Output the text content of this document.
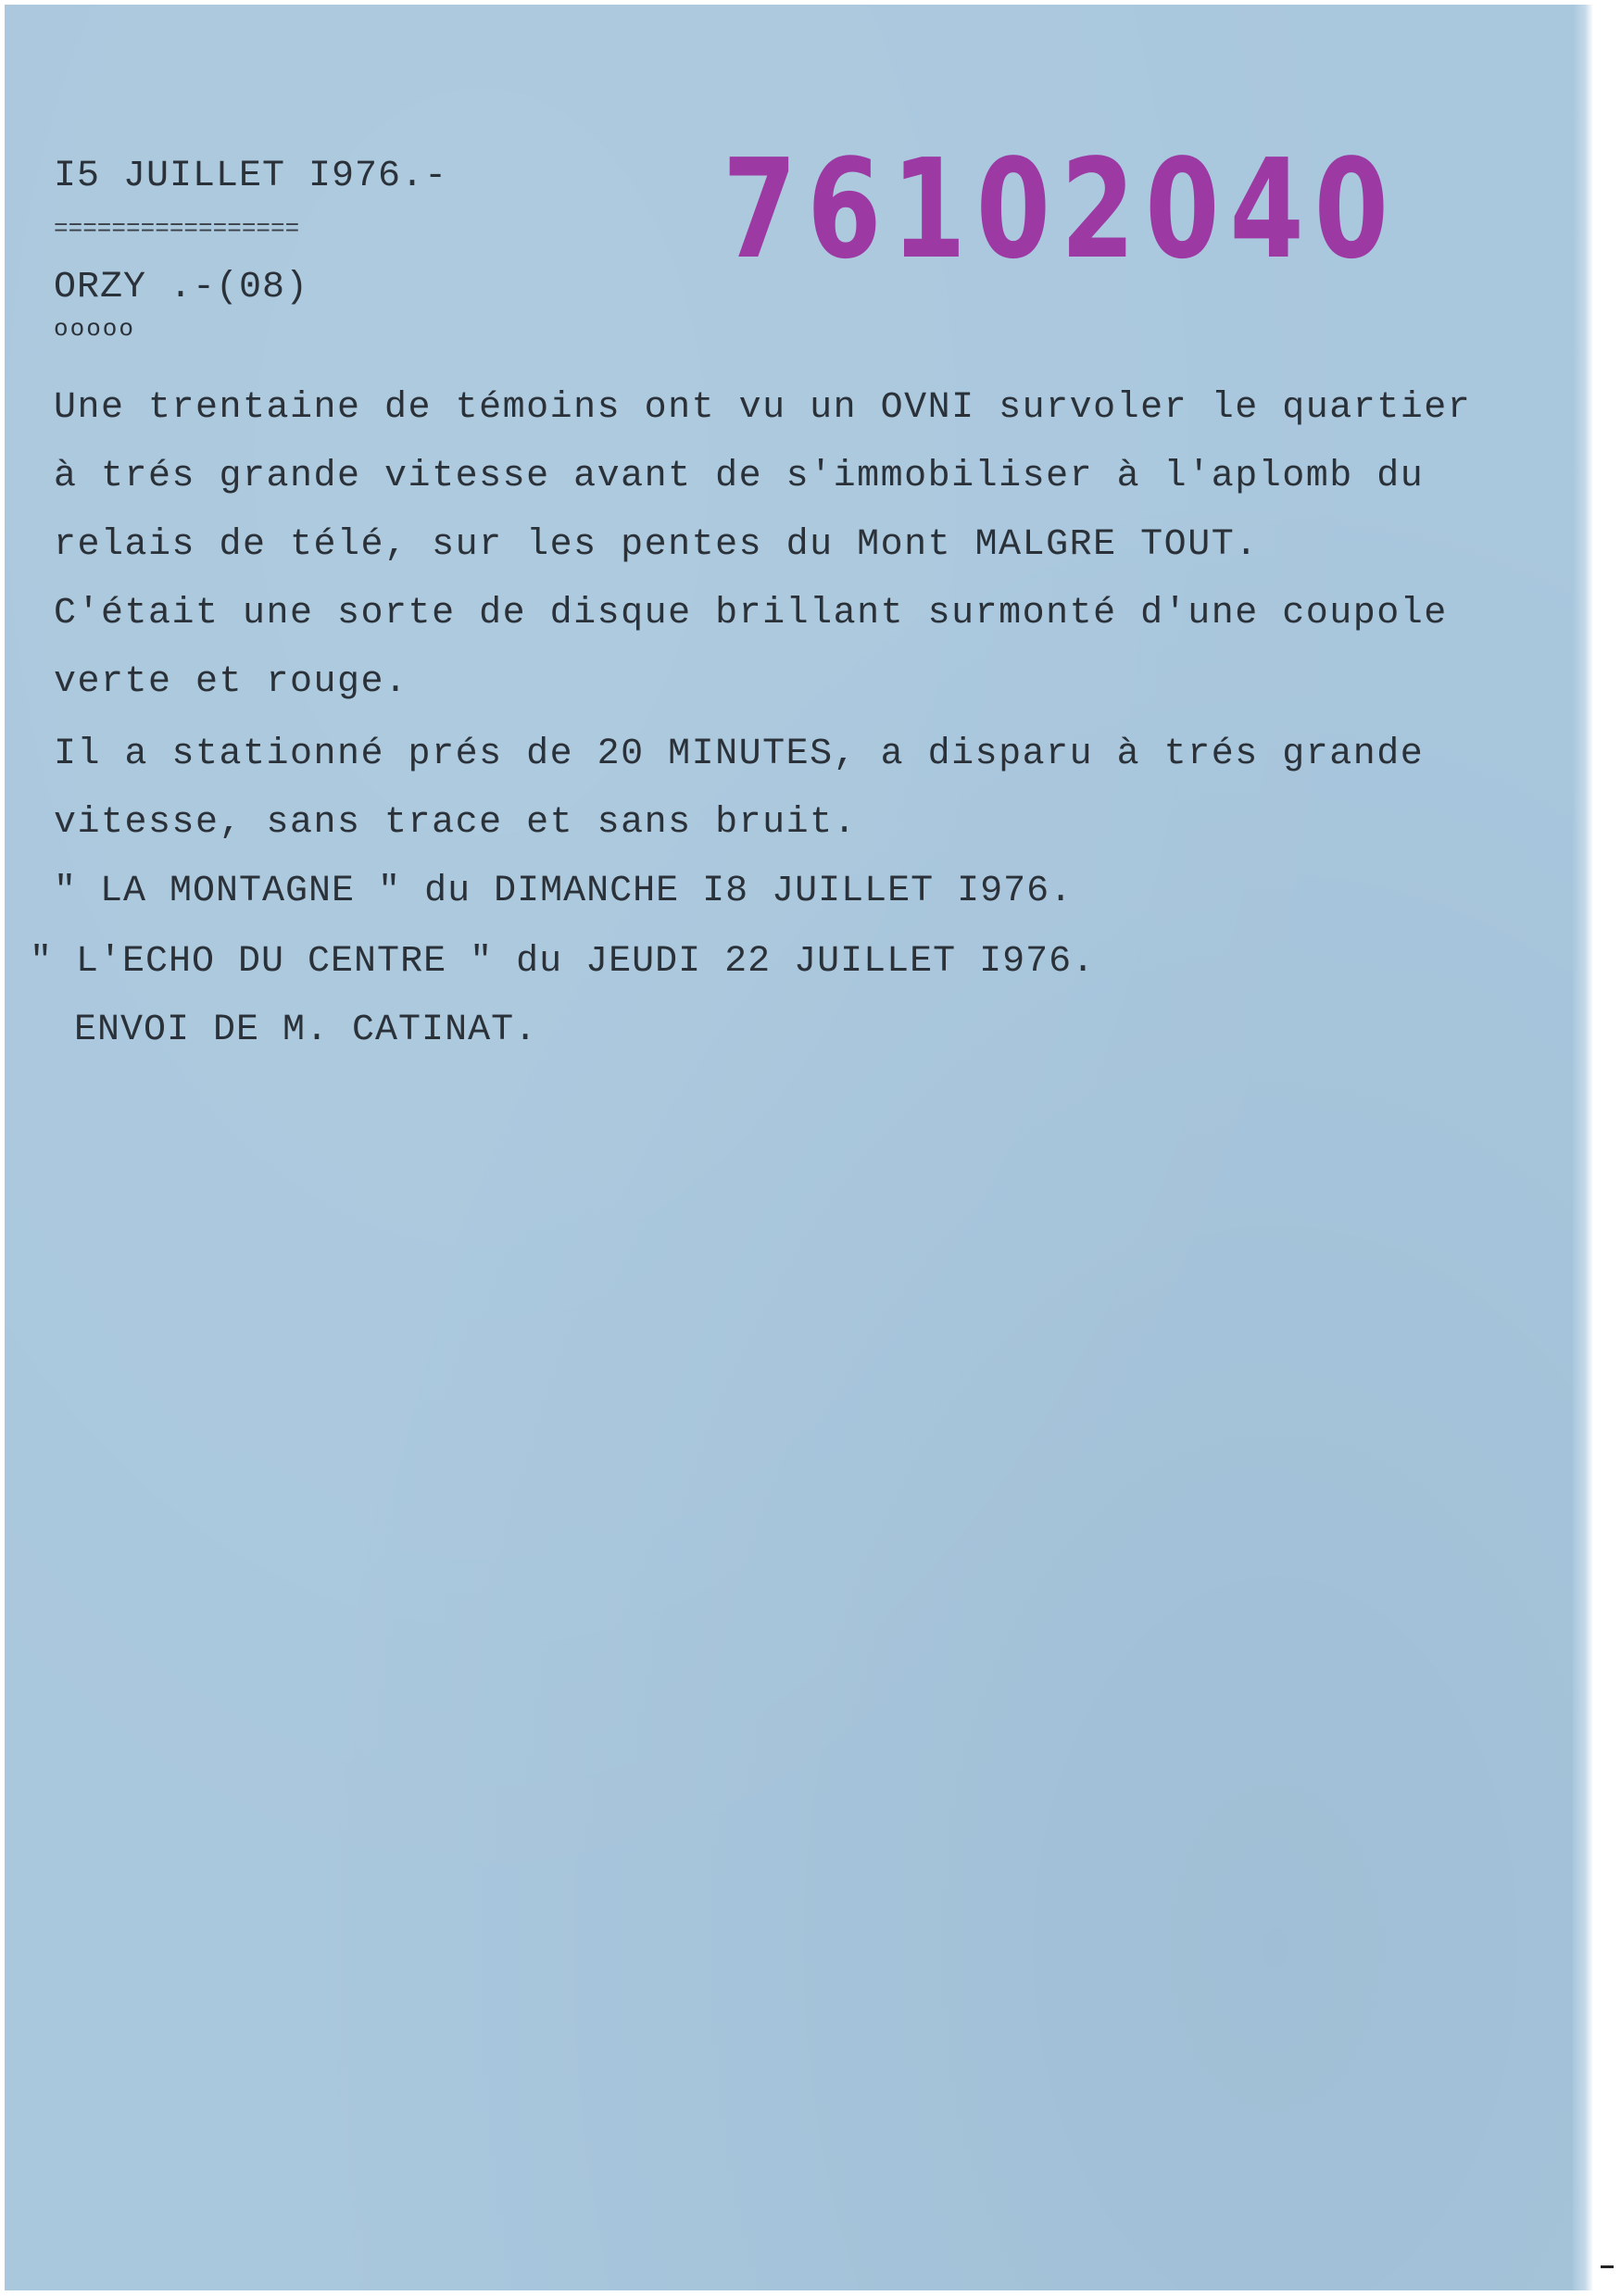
I5 JUILLET I976.-
=================
ORZY .-(08)
ooooo
76102040
Une trentaine de témoins ont vu un OVNI survoler le quartier
à trés grande vitesse avant de s'immobiliser à l'aplomb du
relais de télé, sur les pentes du Mont MALGRE TOUT.
C'était une sorte de disque brillant surmonté d'une coupole
verte et rouge.
Il a stationné prés de 20 MINUTES, a disparu à trés grande
vitesse, sans trace et sans bruit.
" LA MONTAGNE " du DIMANCHE I8 JUILLET I976.
" L'ECHO DU CENTRE " du JEUDI 22 JUILLET I976.
ENVOI DE M. CATINAT.
